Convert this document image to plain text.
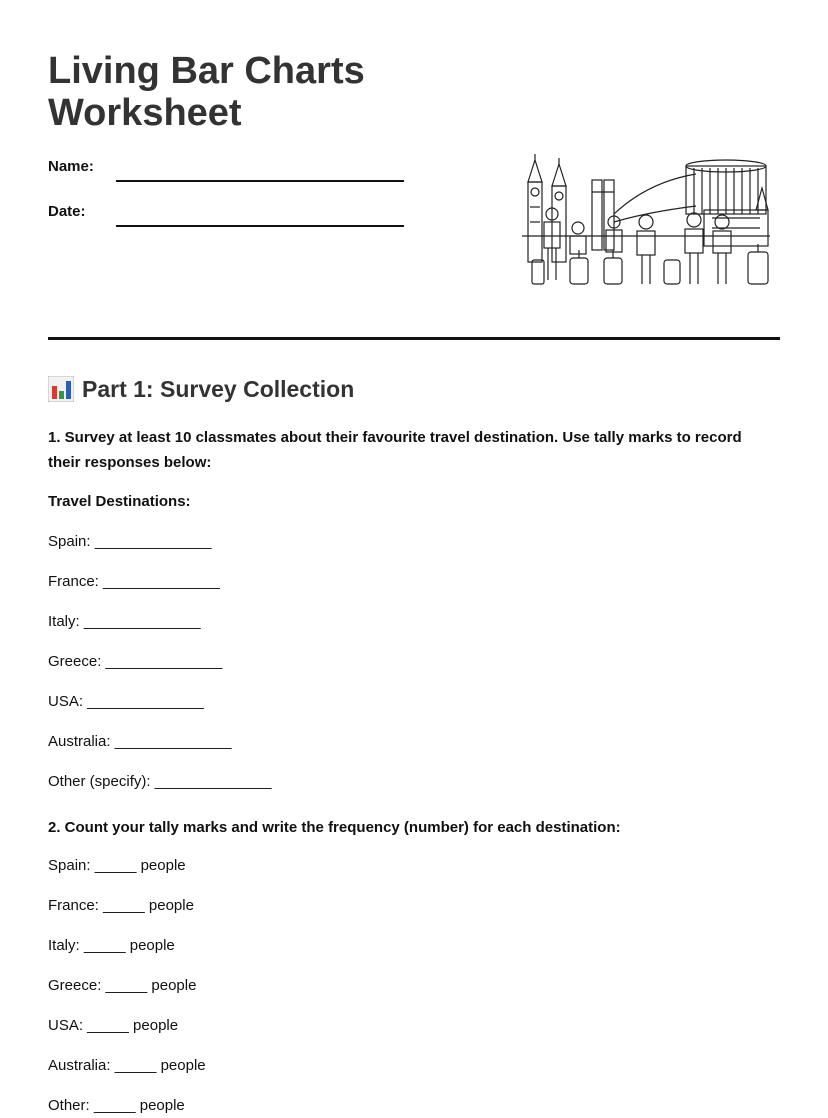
Living Bar Charts
Worksheet
Name:
Date:
Part 1: Survey Collection

1. Survey at least 10 classmates about their favourite travel destination. Use tally marks to record their responses below:

Travel Destinations:

Spain: ______________

France: ______________

Italy: ______________

Greece: ______________

USA: ______________

Australia: ______________

Other (specify): ______________

2. Count your tally marks and write the frequency (number) for each destination:

Spain: _____ people

France: _____ people

Italy: _____ people

Greece: _____ people

USA: _____ people

Australia: _____ people

Other: _____ people
